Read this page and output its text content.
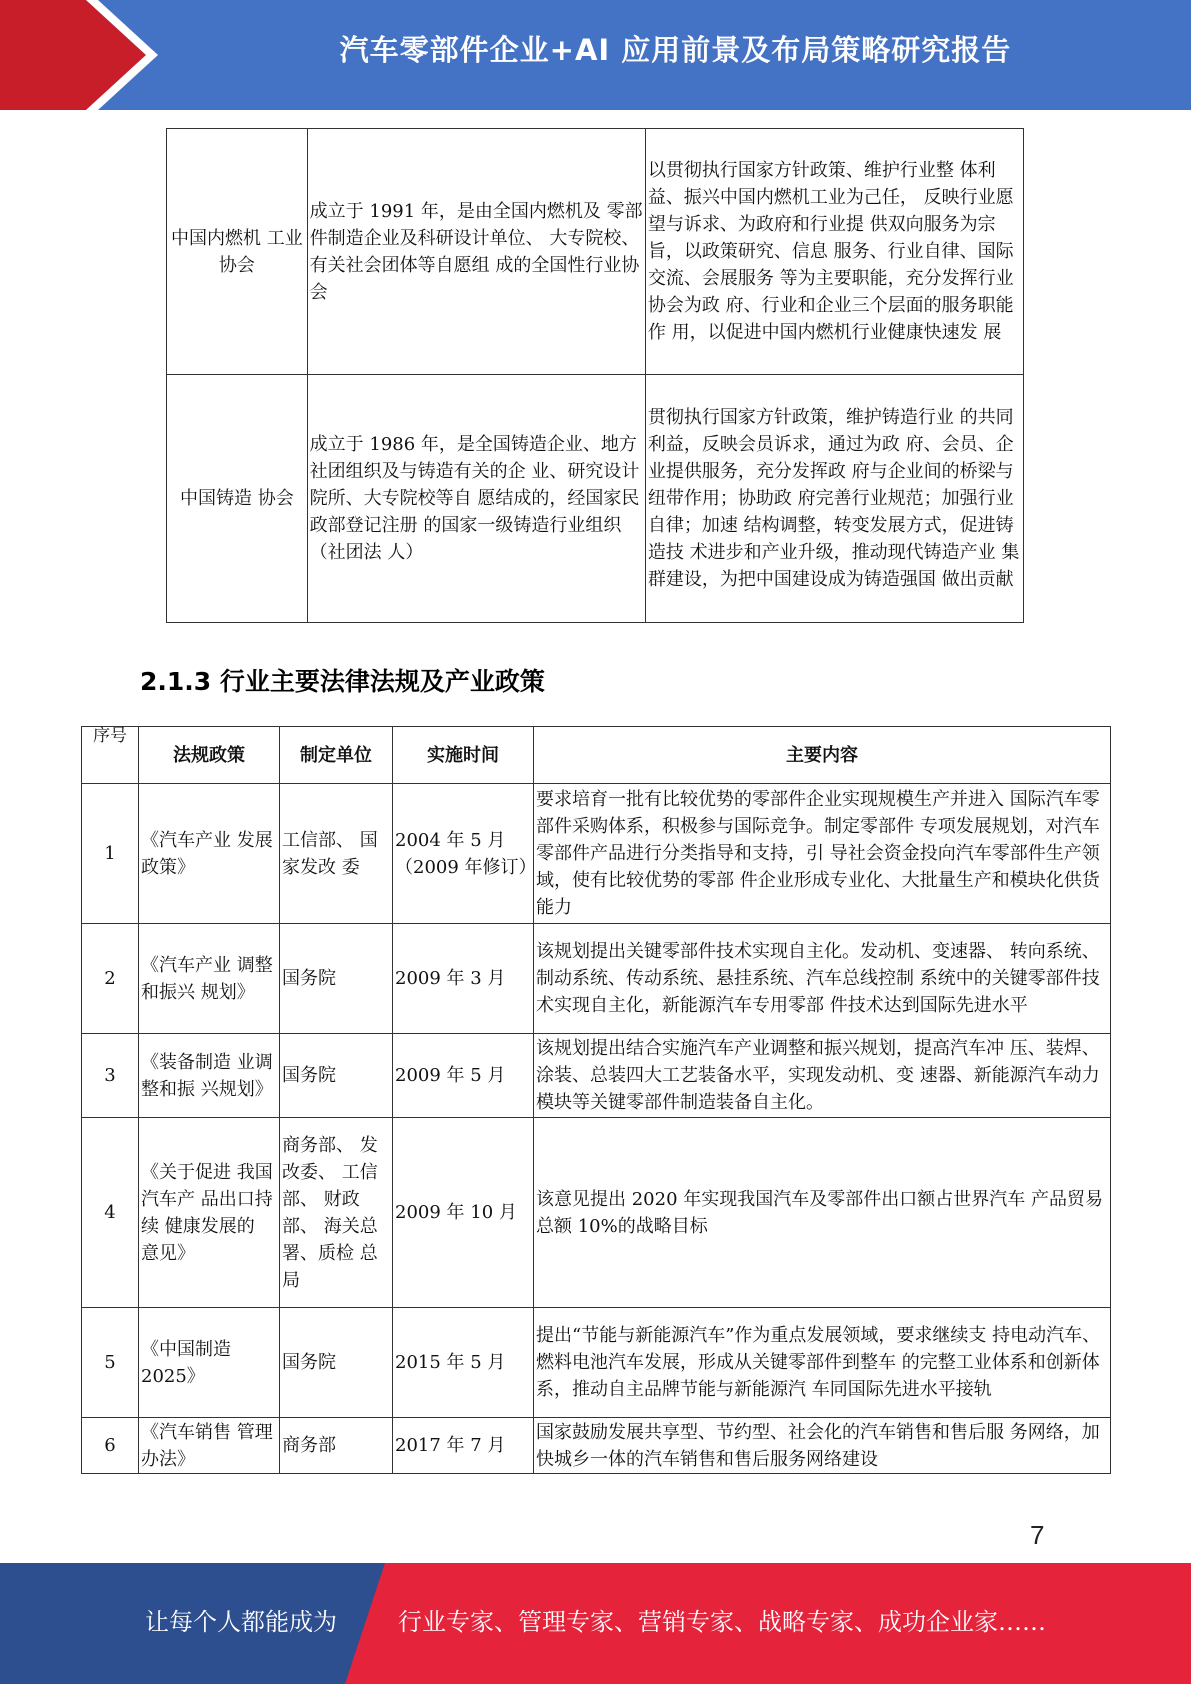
汽车零部件企业+AI 应用前景及布局策略研究报告
中国内燃机 工业协会	成立于 1991 年，是由全国内燃机及 零部件制造企业及科研设计单位、 大专院校、有关社会团体等自愿组 成的全国性行业协会	以贯彻执行国家方针政策、维护行业整 体利益、振兴中国内燃机工业为己任， 反映行业愿望与诉求、为政府和行业提 供双向服务为宗旨，以政策研究、信息 服务、行业自律、国际交流、会展服务 等为主要职能，充分发挥行业协会为政 府、行业和企业三个层面的服务职能作 用，以促进中国内燃机行业健康快速发 展
中国铸造 协会	成立于 1986 年，是全国铸造企业、地方社团组织及与铸造有关的企 业、研究设计院所、大专院校等自 愿结成的，经国家民政部登记注册 的国家一级铸造行业组织（社团法 人）	贯彻执行国家方针政策，维护铸造行业 的共同利益，反映会员诉求，通过为政 府、会员、企业提供服务，充分发挥政 府与企业间的桥梁与纽带作用；协助政 府完善行业规范；加强行业自律；加速 结构调整，转变发展方式，促进铸造技 术进步和产业升级，推动现代铸造产业 集群建设，为把中国建设成为铸造强国 做出贡献
2.1.3 行业主要法律法规及产业政策
序号	法规政策	制定单位	实施时间	主要内容
1	《汽车产业 发展政策》	工信部、 国家发改 委	2004 年 5 月（2009 年修订）	要求培育一批有比较优势的零部件企业实现规模生产并进入 国际汽车零部件采购体系，积极参与国际竞争。制定零部件 专项发展规划，对汽车零部件产品进行分类指导和支持，引 导社会资金投向汽车零部件生产领域，使有比较优势的零部 件企业形成专业化、大批量生产和模块化供货能力
2	《汽车产业 调整和振兴 规划》	国务院	2009 年 3 月	该规划提出关键零部件技术实现自主化。发动机、变速器、 转向系统、制动系统、传动系统、悬挂系统、汽车总线控制 系统中的关键零部件技术实现自主化，新能源汽车专用零部 件技术达到国际先进水平
3	《装备制造 业调整和振 兴规划》	国务院	2009 年 5 月	该规划提出结合实施汽车产业调整和振兴规划，提高汽车冲 压、装焊、涂装、总装四大工艺装备水平，实现发动机、变 速器、新能源汽车动力模块等关键零部件制造装备自主化。
4	《关于促进 我国汽车产 品出口持续 健康发展的 意见》	商务部、 发改委、 工信部、 财政部、 海关总署、质检 总局	2009 年 10 月	该意见提出 2020 年实现我国汽车及零部件出口额占世界汽车 产品贸易总额 10%的战略目标
5	《中国制造 2025》	国务院	2015 年 5 月	提出“节能与新能源汽车”作为重点发展领域，要求继续支 持电动汽车、燃料电池汽车发展，形成从关键零部件到整车 的完整工业体系和创新体系，推动自主品牌节能与新能源汽 车同国际先进水平接轨
6	《汽车销售 管理办法》	商务部	2017 年 7 月	国家鼓励发展共享型、节约型、社会化的汽车销售和售后服 务网络，加快城乡一体的汽车销售和售后服务网络建设
7
让每个人都能成为	行业专家、管理专家、营销专家、战略专家、成功企业家……
